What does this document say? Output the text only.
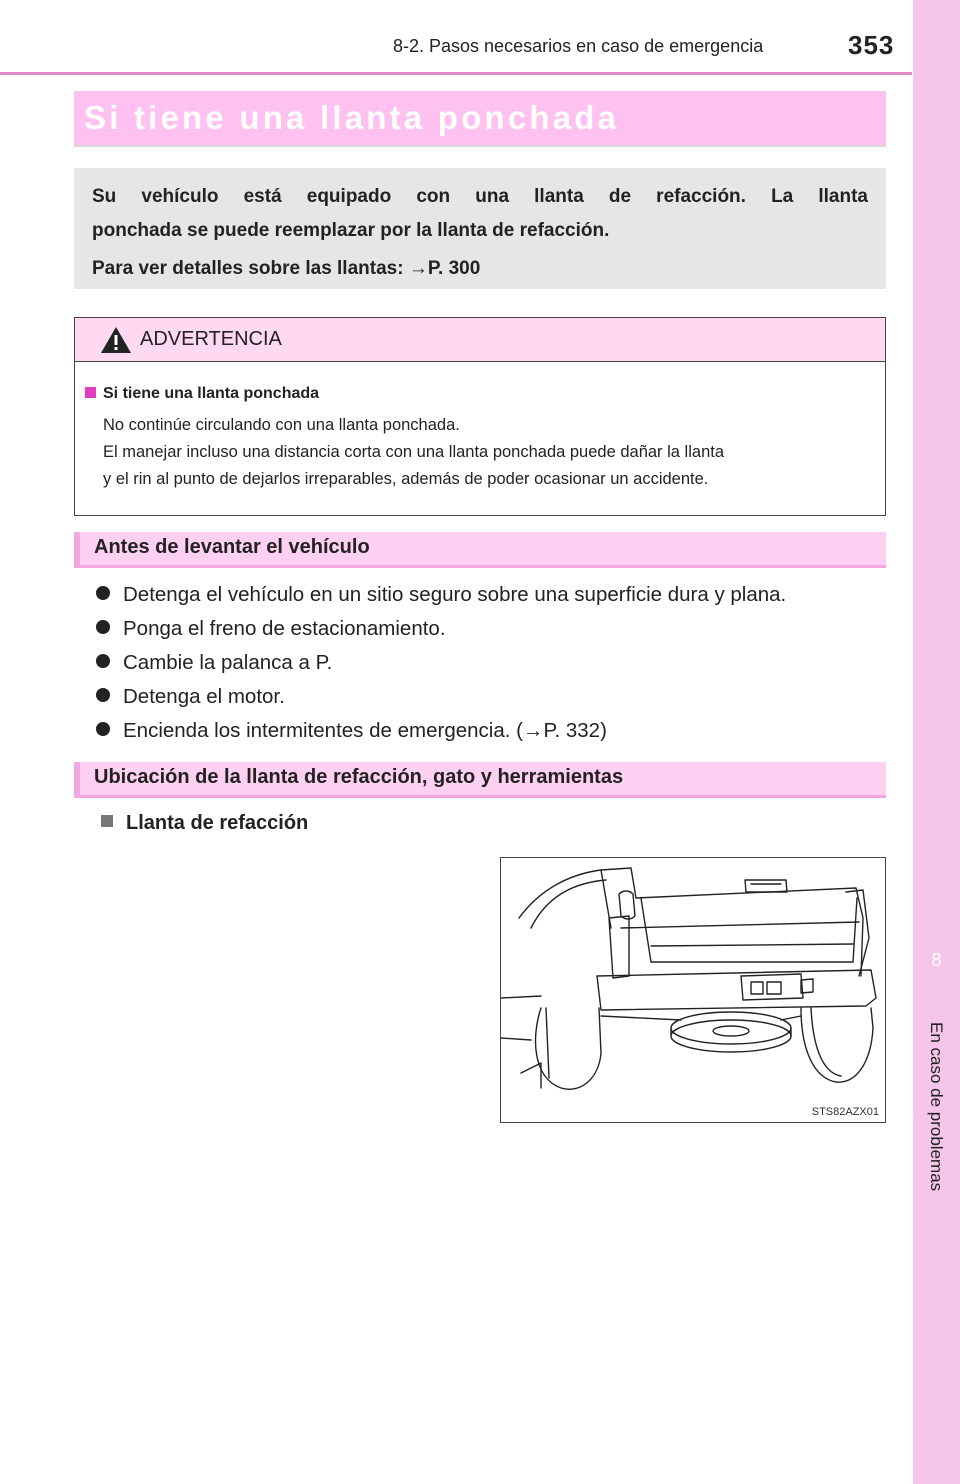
8-2. Pasos necesarios en caso de emergencia	353
8
En caso de problemas
Si tiene una llanta ponchada

Su vehículo está equipado con una llanta de refacción. La llanta

ponchada se puede reemplazar por la llanta de refacción.

Para ver detalles sobre las llantas: →P. 300

ADVERTENCIA
Si tiene una llanta ponchada
No continúe circulando con una llanta ponchada.
El manejar incluso una distancia corta con una llanta ponchada puede dañar la llanta
y el rin al punto de dejarlos irreparables, además de poder ocasionar un accidente.
Antes de levantar el vehículo
Detenga el vehículo en un sitio seguro sobre una superficie dura y plana.
Ponga el freno de estacionamiento.
Cambie la palanca a P.
Detenga el motor.
Encienda los intermitentes de emergencia. (→P. 332)
Ubicación de la llanta de refacción, gato y herramientas
Llanta de refacción
STS82AZX01
